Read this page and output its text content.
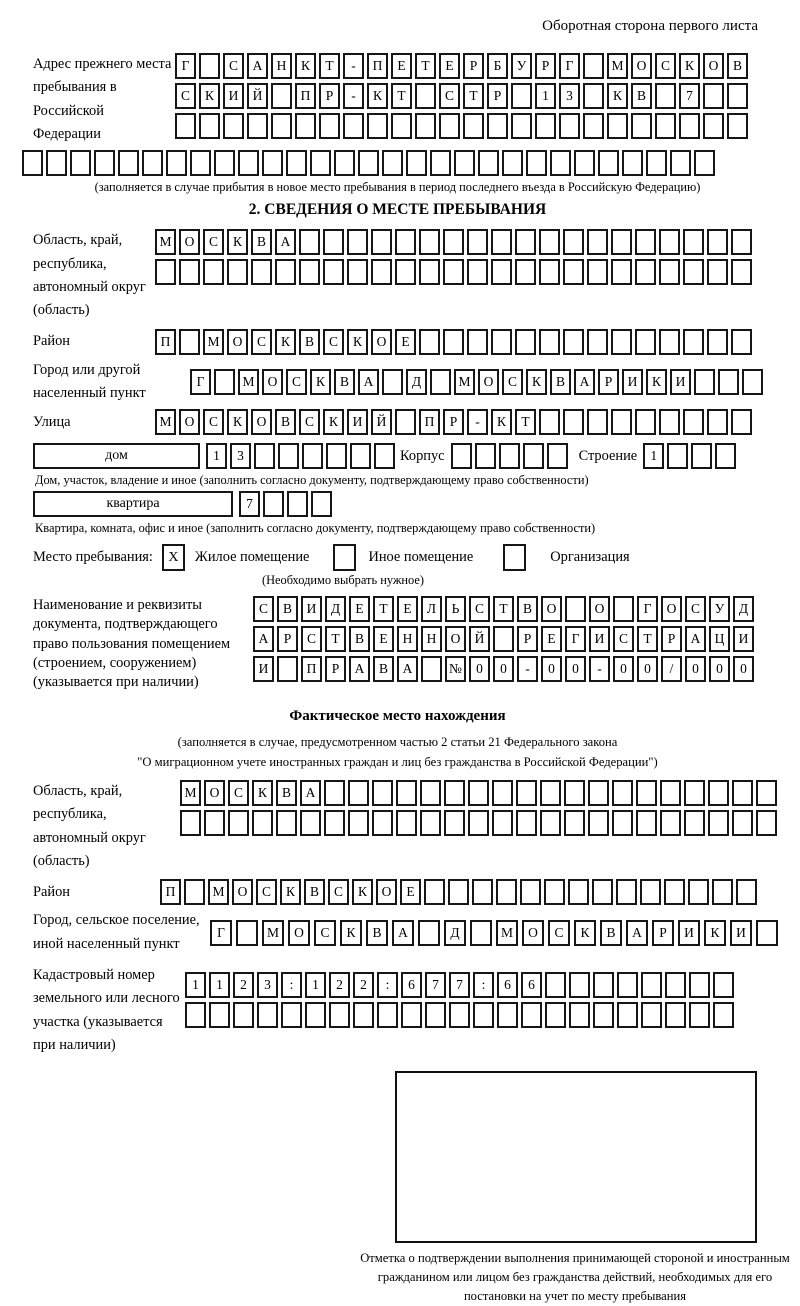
Оборотная сторона первого листа
Адрес прежнего места пребывания в Российской Федерации
Г	С	А	Н	К	Т	-	П	Е	Т	Е	Р	Б	У	Р	Г	М О	С	К	О	В
С	К	И	Й	П	Р	-	К	Т	С	Т	Р	1	3	К	В	7
(заполняется в случае прибытия в новое место пребывания в период последнего въезда в Российскую Федерацию)
2. СВЕДЕНИЯ О МЕСТЕ ПРЕБЫВАНИЯ
Область, край, республика, автономный округ (область)
М О	С	К	В	А
Район	П	М О	С	К	В	С	К	О	Е
Город или другой населенный пункт
Г	М О	С	К	В	А	Д	М О	С	К	В	А	Р	И	К	И
Улица	М О	С	К	О	В	С	К	И	Й	П	Р	-	К	Т
дом	1	3	Корпус	Строение 1
Дом, участок, владение и иное (заполнить согласно документу, подтверждающему право собственности)
квартира	7
Квартира, комната, офис и иное (заполнить согласно документу, подтверждающему право собственности)
Место пребывания:	X	Жилое помещение	Иное помещение	Организация
(Необходимо выбрать нужное)
Наименование и реквизиты документа, подтверждающего право пользования помещением (строением, сооружением) (указывается при наличии)
С	В	И	Д	Е	Т	Е	Л	Ь	С	Т	В	О	О	Г	О	С	У	Д
А	Р	С	Т	В	Е	Н	Н	О	Й	Р	Е	Г	И	С	Т	Р	А	Ц	И
И	П	Р	А	В	А	№	0	0	-	0	0	-	0	0	/	0	0	0
Фактическое место нахождения
(заполняется в случае, предусмотренном частью 2 статьи 21 Федерального закона
"О миграционном учете иностранных граждан и лиц без гражданства в Российской Федерации")
Область, край, республика, автономный округ (область)
М О	С	К	В	А
Район	П	М О	С	К	В	С	К	О	Е
Город, сельское поселение, иной населенный пункт
Г	М	О	С	К	В	А	Д	М	О	С	К	В	А	Р	И	К	И
Кадастровый номер земельного или лесного участка (указывается при наличии)
1	1	2	3	:	1	2	2	:	6	7	7	:	6	6
Отметка о подтверждении выполнения принимающей стороной и иностранным гражданином или лицом без гражданства действий, необходимых для его постановки на учет по месту пребывания
